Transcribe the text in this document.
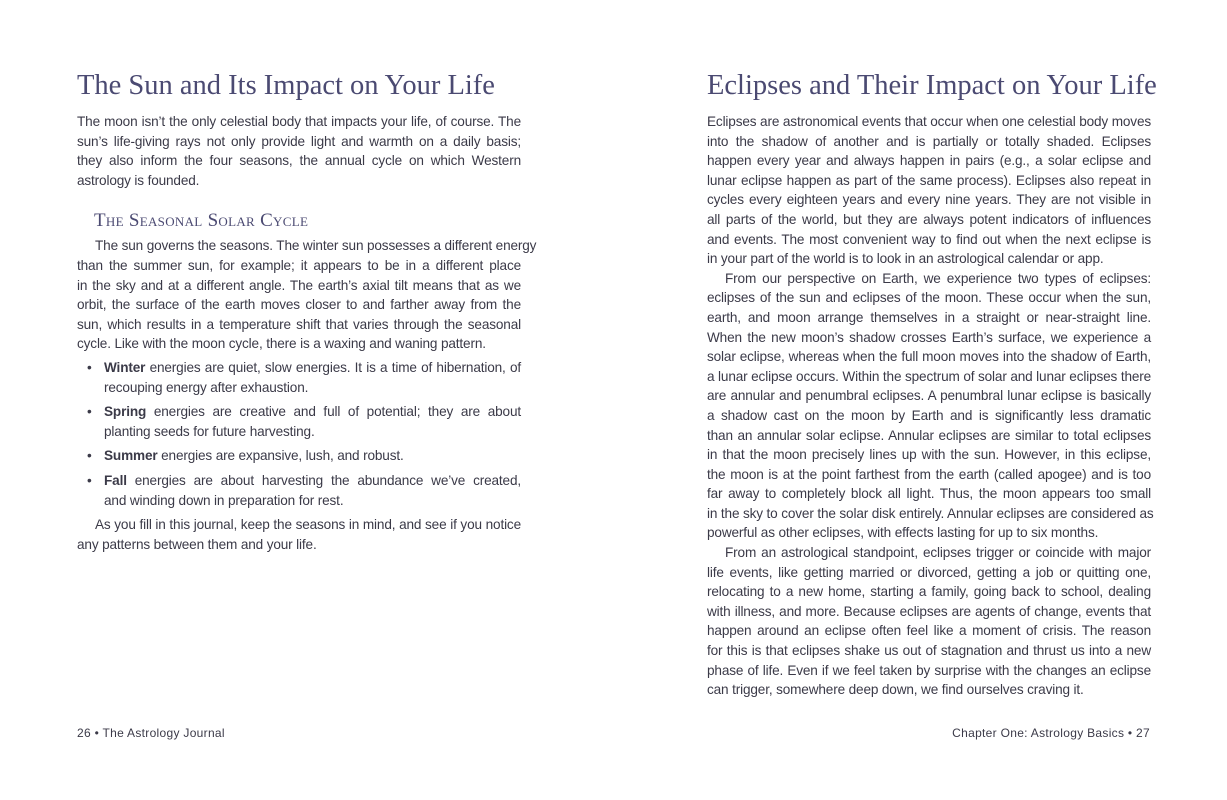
The Sun and Its Impact on Your Life
The moon isn’t the only celestial body that impacts your life, of course. The
sun’s life-giving rays not only provide light and warmth on a daily basis;
they also inform the four seasons, the annual cycle on which Western
astrology is founded.
The Seasonal Solar Cycle
The sun governs the seasons. The winter sun possesses a different energy
than the summer sun, for example; it appears to be in a different place
in the sky and at a different angle. The earth’s axial tilt means that as we
orbit, the surface of the earth moves closer to and farther away from the
sun, which results in a temperature shift that varies through the seasonal
cycle. Like with the moon cycle, there is a waxing and waning pattern.
• Winter energies are quiet, slow energies. It is a time of hibernation, of
recouping energy after exhaustion.
• Spring energies are creative and full of potential; they are about
planting seeds for future harvesting.
• Summer energies are expansive, lush, and robust.
• Fall energies are about harvesting the abundance we’ve created,
and winding down in preparation for rest.
As you fill in this journal, keep the seasons in mind, and see if you notice
any patterns between them and your life.
Eclipses and Their Impact on Your Life
Eclipses are astronomical events that occur when one celestial body moves
into the shadow of another and is partially or totally shaded. Eclipses
happen every year and always happen in pairs (e.g., a solar eclipse and
lunar eclipse happen as part of the same process). Eclipses also repeat in
cycles every eighteen years and every nine years. They are not visible in
all parts of the world, but they are always potent indicators of influences
and events. The most convenient way to find out when the next eclipse is
in your part of the world is to look in an astrological calendar or app.
From our perspective on Earth, we experience two types of eclipses:
eclipses of the sun and eclipses of the moon. These occur when the sun,
earth, and moon arrange themselves in a straight or near-straight line.
When the new moon’s shadow crosses Earth’s surface, we experience a
solar eclipse, whereas when the full moon moves into the shadow of Earth,
a lunar eclipse occurs. Within the spectrum of solar and lunar eclipses there
are annular and penumbral eclipses. A penumbral lunar eclipse is basically
a shadow cast on the moon by Earth and is significantly less dramatic
than an annular solar eclipse. Annular eclipses are similar to total eclipses
in that the moon precisely lines up with the sun. However, in this eclipse,
the moon is at the point farthest from the earth (called apogee) and is too
far away to completely block all light. Thus, the moon appears too small
in the sky to cover the solar disk entirely. Annular eclipses are considered as
powerful as other eclipses, with effects lasting for up to six months.
From an astrological standpoint, eclipses trigger or coincide with major
life events, like getting married or divorced, getting a job or quitting one,
relocating to a new home, starting a family, going back to school, dealing
with illness, and more. Because eclipses are agents of change, events that
happen around an eclipse often feel like a moment of crisis. The reason
for this is that eclipses shake us out of stagnation and thrust us into a new
phase of life. Even if we feel taken by surprise with the changes an eclipse
can trigger, somewhere deep down, we find ourselves craving it.
26 • The Astrology Journal	Chapter One: Astrology Basics • 27
